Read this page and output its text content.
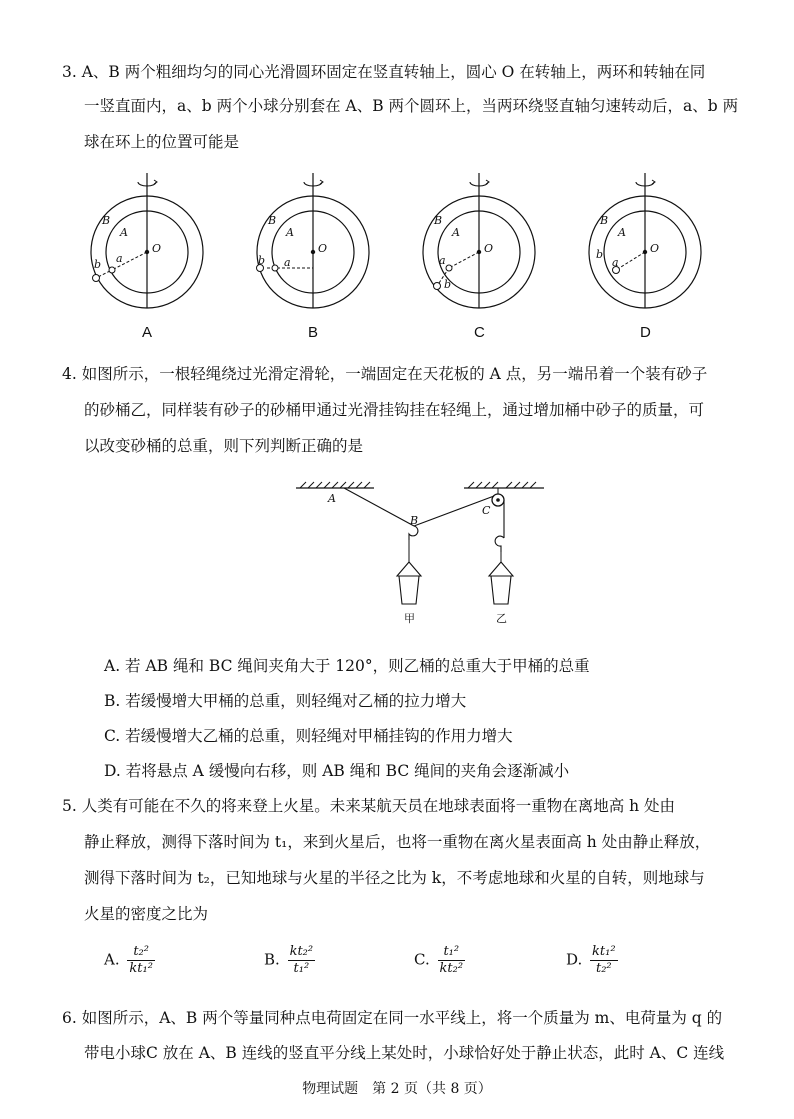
3. A、B 两个粗细均匀的同心光滑圆环固定在竖直转轴上，圆心 O 在转轴上，两环和转轴在同
一竖直面内，a、b 两个小球分别套在 A、B 两个圆环上，当两环绕竖直轴匀速转动后，a、b 两
球在环上的位置可能是
B
A
O
a
b
A
B
A
O
a
b
B
B
A
O
a
b
C
B
A
O
a
b
D
4. 如图所示，一根轻绳绕过光滑定滑轮，一端固定在天花板的 A 点，另一端吊着一个装有砂子
的砂桶乙，同样装有砂子的砂桶甲通过光滑挂钩挂在轻绳上，通过增加桶中砂子的质量，可
以改变砂桶的总重，则下列判断正确的是
A
B
C
甲	乙
A. 若 AB 绳和 BC 绳间夹角大于 120°，则乙桶的总重大于甲桶的总重
B. 若缓慢增大甲桶的总重，则轻绳对乙桶的拉力增大
C. 若缓慢增大乙桶的总重，则轻绳对甲桶挂钩的作用力增大
D. 若将悬点 A 缓慢向右移，则 AB 绳和 BC 绳间的夹角会逐渐减小
5. 人类有可能在不久的将来登上火星。未来某航天员在地球表面将一重物在离地高 h 处由
静止释放，测得下落时间为 t₁，来到火星后，也将一重物在离火星表面高 h 处由静止释放，
测得下落时间为 t₂，已知地球与火星的半径之比为 k，不考虑地球和火星的自转，则地球与
火星的密度之比为
A. $\frac{\text{t₂²}}{\text{kt₁²}}$	B. $\frac{\text{kt₂²}}{\text{t₁²}}$	C. $\frac{\text{t₁²}}{\text{kt₂²}}$	D. $\frac{\text{kt₁²}}{\text{t₂²}}$
6. 如图所示，A、B 两个等量同种点电荷固定在同一水平线上，将一个质量为 m、电荷量为 q 的
带电小球C 放在 A、B 连线的竖直平分线上某处时，小球恰好处于静止状态，此时 A、C 连线
物理试题　第 2 页（共 8 页）
